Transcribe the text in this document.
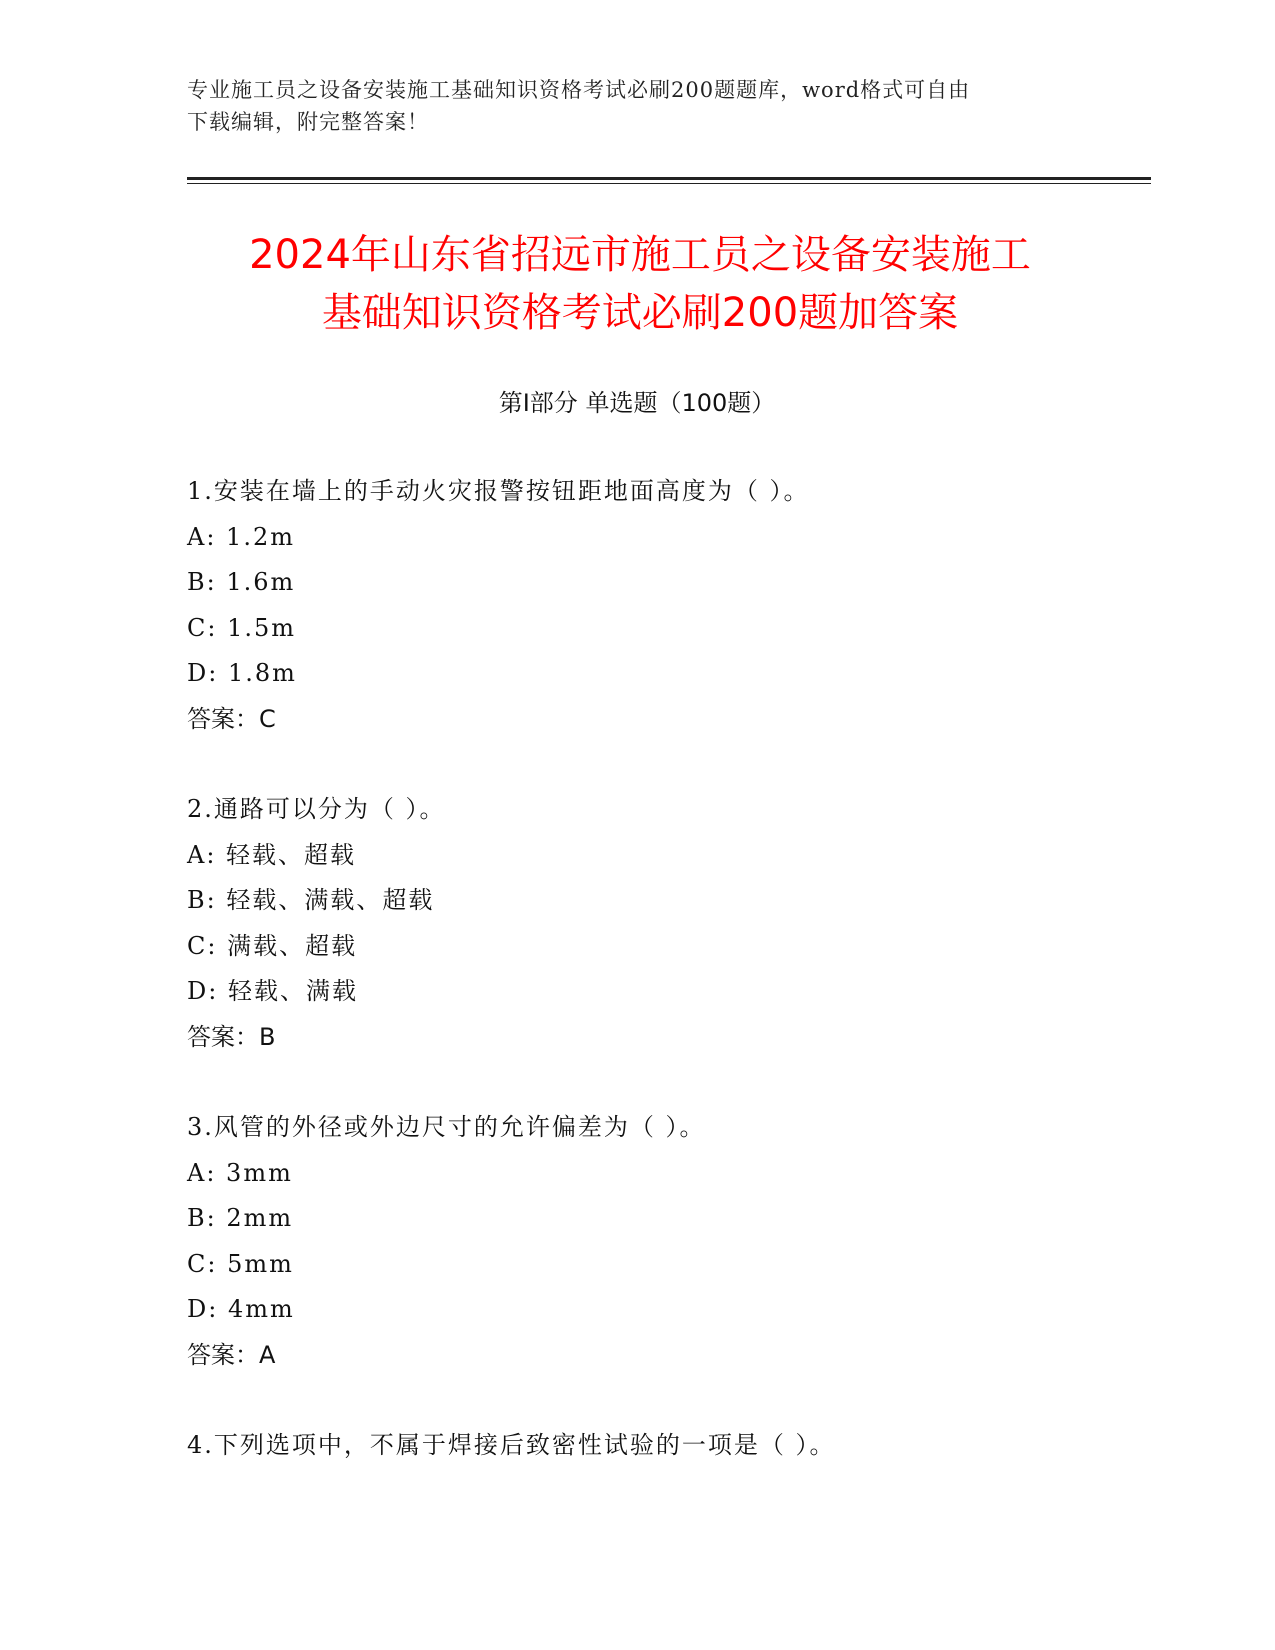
专业施工员之设备安装施工基础知识资格考试必刷200题题库，word格式可自由
下载编辑，附完整答案！
2024年山东省招远市施工员之设备安装施工
基础知识资格考试必刷200题加答案
第Ⅰ部分 单选题（100题）
1.安装在墙上的手动火灾报警按钮距地面高度为（ ）。
A: 1.2m
B: 1.6m
C: 1.5m
D: 1.8m
答案：C
2.通路可以分为（ ）。
A: 轻载、超载
B: 轻载、满载、超载
C: 满载、超载
D: 轻载、满载
答案：B
3.风管的外径或外边尺寸的允许偏差为（ ）。
A: 3mm
B: 2mm
C: 5mm
D: 4mm
答案：A
4.下列选项中，不属于焊接后致密性试验的一项是（ ）。
